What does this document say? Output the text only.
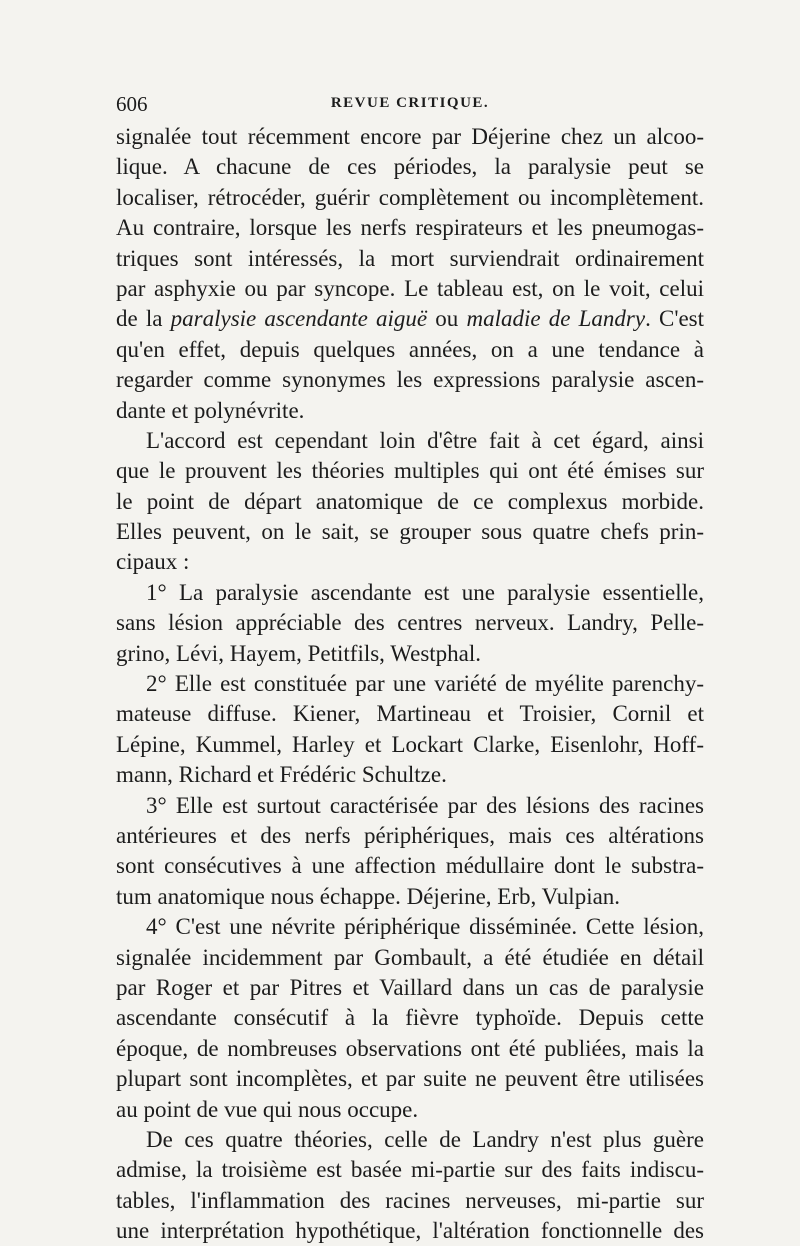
606	REVUE CRITIQUE.
signalée tout récemment encore par Déjerine chez un alcoo-
lique. A chacune de ces périodes, la paralysie peut se
localiser, rétrocéder, guérir complètement ou incomplètement.
Au contraire, lorsque les nerfs respirateurs et les pneumogas-
triques sont intéressés, la mort surviendrait ordinairement
par asphyxie ou par syncope. Le tableau est, on le voit, celui
de la paralysie ascendante aiguë ou maladie de Landry. C'est
qu'en effet, depuis quelques années, on a une tendance à
regarder comme synonymes les expressions paralysie ascen-
dante et polynévrite.
L'accord est cependant loin d'être fait à cet égard, ainsi
que le prouvent les théories multiples qui ont été émises sur
le point de départ anatomique de ce complexus morbide.
Elles peuvent, on le sait, se grouper sous quatre chefs prin-
cipaux :
1° La paralysie ascendante est une paralysie essentielle,
sans lésion appréciable des centres nerveux. Landry, Pelle-
grino, Lévi, Hayem, Petitfils, Westphal.
2° Elle est constituée par une variété de myélite parenchy-
mateuse diffuse. Kiener, Martineau et Troisier, Cornil et
Lépine, Kummel, Harley et Lockart Clarke, Eisenlohr, Hoff-
mann, Richard et Frédéric Schultze.
3° Elle est surtout caractérisée par des lésions des racines
antérieures et des nerfs périphériques, mais ces altérations
sont consécutives à une affection médullaire dont le substra-
tum anatomique nous échappe. Déjerine, Erb, Vulpian.
4° C'est une névrite périphérique disséminée. Cette lésion,
signalée incidemment par Gombault, a été étudiée en détail
par Roger et par Pitres et Vaillard dans un cas de paralysie
ascendante consécutif à la fièvre typhoïde. Depuis cette
époque, de nombreuses observations ont été publiées, mais la
plupart sont incomplètes, et par suite ne peuvent être utilisées
au point de vue qui nous occupe.
De ces quatre théories, celle de Landry n'est plus guère
admise, la troisième est basée mi-partie sur des faits indiscu-
tables, l'inflammation des racines nerveuses, mi-partie sur
une interprétation hypothétique, l'altération fonctionnelle des
